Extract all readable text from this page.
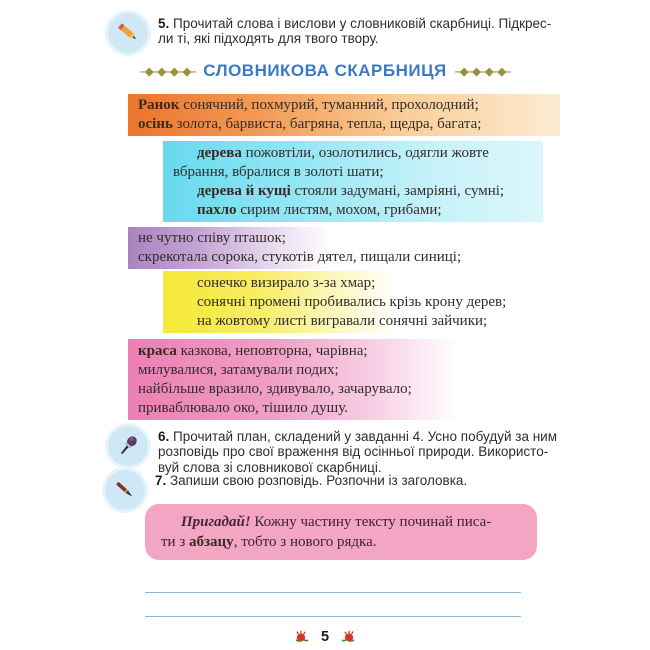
5. Прочитай слова і вислови у словниковій скарбниці. Підкрес-
ли ті, які підходять для твого твору.
–◆–◆–◆–◆– СЛОВНИКОВА СКАРБНИЦЯ –◆–◆–◆–◆–
Ранок сонячний, похмурий, туманний, прохолодний;
осінь золота, барвиста, багряна, тепла, щедра, багата;
дерева пожовтіли, озолотились, одягли жовте
вбрання, вбралися в золоті шати;
дерева й кущі стояли задумані, замріяні, сумні;
пахло сирим листям, мохом, грибами;
не чутно співу пташок;
скрекотала сорока, стукотів дятел, пищали синиці;
сонечко визирало з-за хмар;
сонячні промені пробивались крізь крону дерев;
на жовтому листі вигравали сонячні зайчики;
краса казкова, неповторна, чарівна;
милувалися, затамували подих;
найбільше вразило, здивувало, зачарувало;
приваблювало око, тішило душу.
6. Прочитай план, складений у завданні 4. Усно побудуй за ним
розповідь про свої враження від осінньої природи. Використо-
вуй слова зі словникової скарбниці.
7. Запиши свою розповідь. Розпочни із заголовка.
Пригадай! Кожну частину тексту починай писа-
ти з абзацу, тобто з нового рядка.
5
